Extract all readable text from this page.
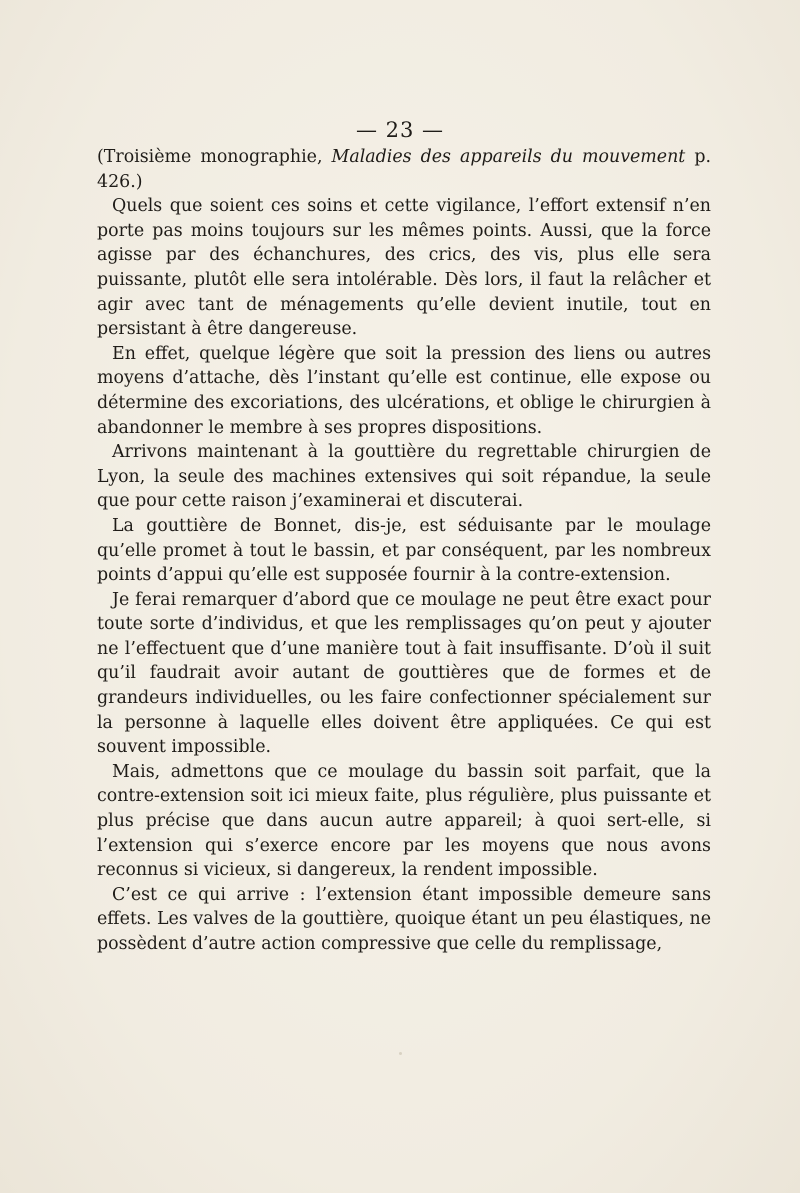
— 23 —

(Troisième monographie, Maladies des appareils du mouvement p. 426.)

Quels que soient ces soins et cette vigilance, l’effort extensif n’en porte pas moins toujours sur les mêmes points. Aussi, que la force agisse par des échanchures, des crics, des vis, plus elle sera puissante, plutôt elle sera intolérable. Dès lors, il faut la relâcher et agir avec tant de ménagements qu’elle devient inutile, tout en persistant à être dangereuse.

En effet, quelque légère que soit la pression des liens ou autres moyens d’attache, dès l’instant qu’elle est continue, elle expose ou détermine des excoriations, des ulcérations, et oblige le chirurgien à abandonner le membre à ses propres dispositions.

Arrivons maintenant à la gouttière du regrettable chirurgien de Lyon, la seule des machines extensives qui soit répandue, la seule que pour cette raison j’examinerai et discuterai.

La gouttière de Bonnet, dis-je, est séduisante par le moulage qu’elle promet à tout le bassin, et par conséquent, par les nombreux points d’appui qu’elle est supposée fournir à la contre-extension.

Je ferai remarquer d’abord que ce moulage ne peut être exact pour toute sorte d’individus, et que les remplissages qu’on peut y ajouter ne l’effectuent que d’une manière tout à fait insuffisante. D’où il suit qu’il faudrait avoir autant de gouttières que de formes et de grandeurs individuelles, ou les faire confectionner spécialement sur la personne à laquelle elles doivent être appliquées. Ce qui est souvent impossible.

Mais, admettons que ce moulage du bassin soit parfait, que la contre-extension soit ici mieux faite, plus régulière, plus puissante et plus précise que dans aucun autre appareil; à quoi sert-elle, si l’extension qui s’exerce encore par les moyens que nous avons reconnus si vicieux, si dangereux, la rendent impossible.

C’est ce qui arrive : l’extension étant impossible demeure sans effets. Les valves de la gouttière, quoique étant un peu élastiques, ne possèdent d’autre action compressive que celle du remplissage,
